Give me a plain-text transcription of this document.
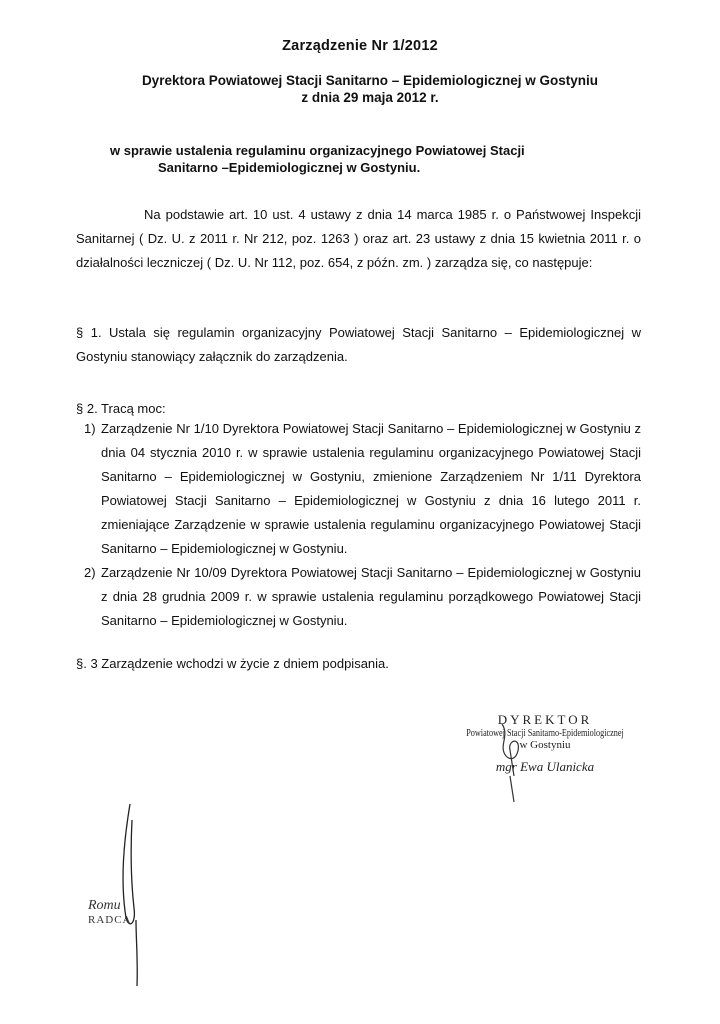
Zarządzenie Nr 1/2012
Dyrektora Powiatowej Stacji Sanitarno – Epidemiologicznej w Gostyniu
z dnia 29 maja 2012 r.
w sprawie ustalenia regulaminu organizacyjnego Powiatowej Stacji
Sanitarno –Epidemiologicznej w Gostyniu.
Na podstawie art. 10 ust. 4 ustawy z dnia 14 marca 1985 r. o Państwowej Inspekcji Sanitarnej ( Dz. U. z 2011 r. Nr 212, poz. 1263 ) oraz art. 23 ustawy z dnia 15 kwietnia 2011 r. o działalności leczniczej ( Dz. U. Nr 112, poz. 654, z późn. zm. ) zarządza się, co następuje:
§ 1. Ustala się regulamin organizacyjny Powiatowej Stacji Sanitarno – Epidemiologicznej w Gostyniu stanowiący załącznik do zarządzenia.
§ 2. Tracą moc:
1) Zarządzenie Nr 1/10 Dyrektora Powiatowej Stacji Sanitarno – Epidemiologicznej w Gostyniu z dnia 04 stycznia 2010 r. w sprawie ustalenia regulaminu organizacyjnego Powiatowej Stacji Sanitarno – Epidemiologicznej w Gostyniu, zmienione Zarządzeniem Nr 1/11 Dyrektora Powiatowej Stacji Sanitarno – Epidemiologicznej w Gostyniu z dnia 16 lutego 2011 r. zmieniające Zarządzenie w sprawie ustalenia regulaminu organizacyjnego Powiatowej Stacji Sanitarno – Epidemiologicznej w Gostyniu.
2) Zarządzenie Nr 10/09 Dyrektora Powiatowej Stacji Sanitarno – Epidemiologicznej w Gostyniu z dnia 28 grudnia 2009 r. w sprawie ustalenia regulaminu porządkowego Powiatowej Stacji Sanitarno – Epidemiologicznej w Gostyniu.
§. 3 Zarządzenie wchodzi w życie z dniem podpisania.
DYREKTOR
Powiatowej Stacji Sanitarno-Epidemiologicznej
w Gostyniu
mgr Ewa Ulanicka
Romu
RADCA
